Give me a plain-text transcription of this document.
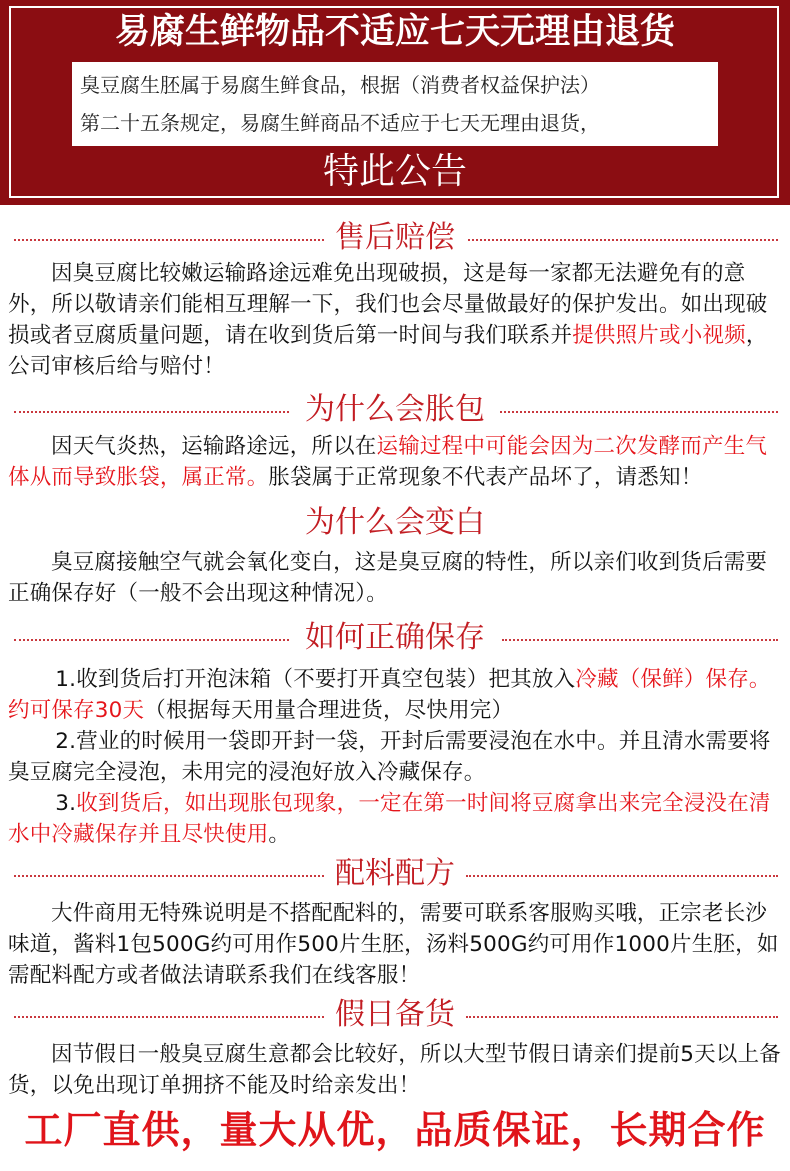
易腐生鲜物品不适应七天无理由退货
臭豆腐生胚属于易腐生鲜食品，根据（消费者权益保护法）
第二十五条规定，易腐生鲜商品不适应于七天无理由退货，
特此公告
售后赔偿
因臭豆腐比较嫩运输路途远难免出现破损，这是每一家都无法避免有的意外，所以敬请亲们能相互理解一下，我们也会尽量做最好的保护发出。如出现破损或者豆腐质量问题，请在收到货后第一时间与我们联系并提供照片或小视频，公司审核后给与赔付！
为什么会胀包
因天气炎热，运输路途远，所以在运输过程中可能会因为二次发酵而产生气体从而导致胀袋，属正常。胀袋属于正常现象不代表产品坏了，请悉知！
为什么会变白
臭豆腐接触空气就会氧化变白，这是臭豆腐的特性，所以亲们收到货后需要正确保存好（一般不会出现这种情况）。
如何正确保存
1.收到货后打开泡沫箱（不要打开真空包装）把其放入冷藏（保鲜）保存。约可保存30天（根据每天用量合理进货，尽快用完）
2.营业的时候用一袋即开封一袋，开封后需要浸泡在水中。并且清水需要将臭豆腐完全浸泡，未用完的浸泡好放入冷藏保存。
3.收到货后，如出现胀包现象，一定在第一时间将豆腐拿出来完全浸没在清水中冷藏保存并且尽快使用。
配料配方
大件商用无特殊说明是不搭配配料的，需要可联系客服购买哦，正宗老长沙味道，酱料1包500G约可用作500片生胚，汤料500G约可用作1000片生胚，如需配料配方或者做法请联系我们在线客服！
假日备货
因节假日一般臭豆腐生意都会比较好，所以大型节假日请亲们提前5天以上备货，以免出现订单拥挤不能及时给亲发出！
工厂直供，量大从优，品质保证，长期合作
